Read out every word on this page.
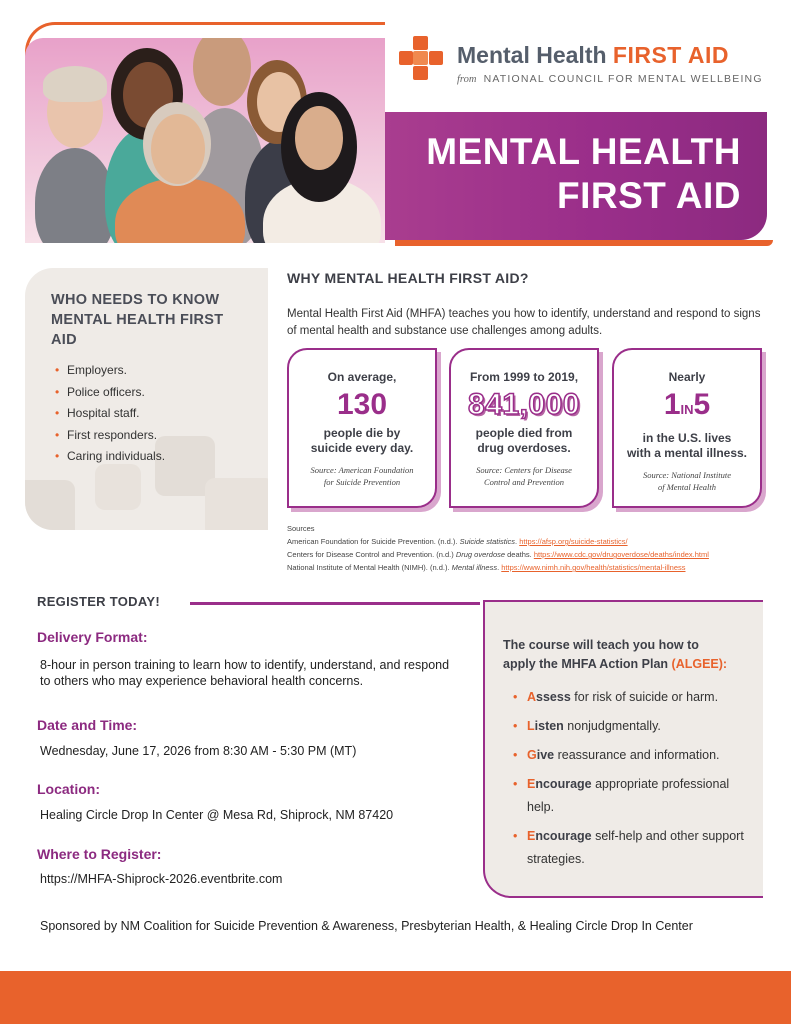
Mental Health FIRST AID
from NATIONAL COUNCIL FOR MENTAL WELLBEING
MENTAL HEALTH
FIRST AID
WHO NEEDS TO KNOW MENTAL HEALTH FIRST AID
• Employers.
• Police officers.
• Hospital staff.
• First responders.
• Caring individuals.
WHY MENTAL HEALTH FIRST AID?
Mental Health First Aid (MHFA) teaches you how to identify, understand and respond to signs of mental health and substance use challenges among adults.
On average,
130
people die by
suicide every day.
Source: American Foundation
for Suicide Prevention
From 1999 to 2019,
841,000
people died from
drug overdoses.
Source: Centers for Disease
Control and Prevention
Nearly
1IN5
in the U.S. lives
with a mental illness.
Source: National Institute
of Mental Health
Sources
American Foundation for Suicide Prevention. (n.d.). Suicide statistics. https://afsp.org/suicide-statistics/
Centers for Disease Control and Prevention. (n.d.) Drug overdose deaths. https://www.cdc.gov/drugoverdose/deaths/index.html
National Institute of Mental Health (NIMH). (n.d.). Mental illness. https://www.nimh.nih.gov/health/statistics/mental-illness
REGISTER TODAY!
Delivery Format:
8-hour in person training to learn how to identify, understand, and respond to others who may experience behavioral health concerns.
Date and Time:
Wednesday, June 17, 2026 from 8:30 AM - 5:30 PM (MT)
Location:
Healing Circle Drop In Center @ Mesa Rd, Shiprock, NM 87420
Where to Register:
https://MHFA-Shiprock-2026.eventbrite.com
The course will teach you how to
apply the MHFA Action Plan (ALGEE):
• Assess for risk of suicide or harm.
• Listen nonjudgmentally.
• Give reassurance and information.
• Encourage appropriate professional help.
• Encourage self-help and other support strategies.
Sponsored by NM Coalition for Suicide Prevention & Awareness, Presbyterian Health, & Healing Circle Drop In Center
